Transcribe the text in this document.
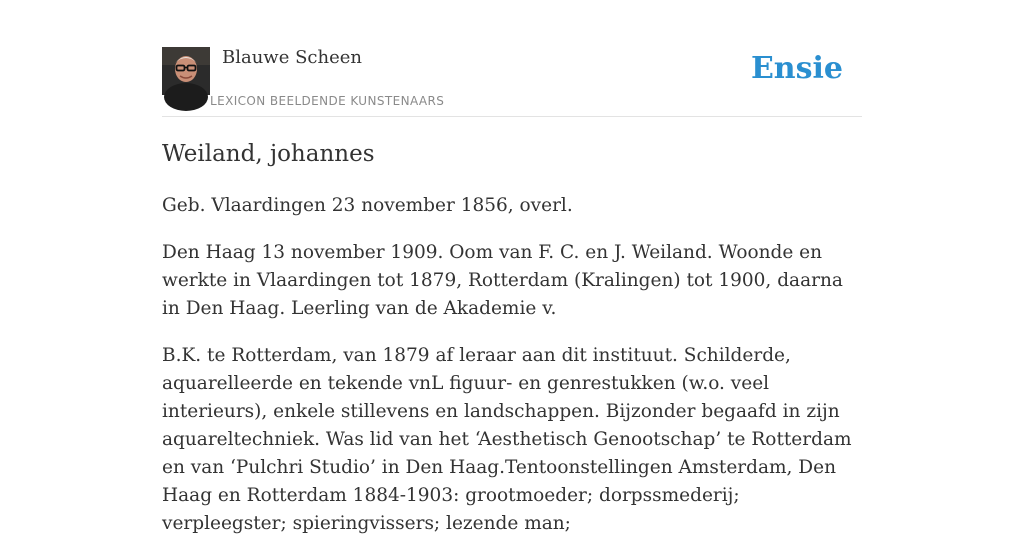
Blauwe Scheen
LEXICON BEELDENDE KUNSTENAARS
Ensie
Weiland, johannes

Geb. Vlaardingen 23 november 1856, overl.

Den Haag 13 november 1909. Oom van F. C. en J. Weiland. Woonde en werkte in Vlaardingen tot 1879, Rotterdam (Kralingen) tot 1900, daarna in Den Haag. Leerling van de Akademie v.

B.K. te Rotterdam, van 1879 af leraar aan dit instituut. Schilderde, aquarelleerde en tekende vnL figuur- en genrestukken (w.o. veel interieurs), enkele stillevens en landschappen. Bijzonder begaafd in zijn aquareltechniek. Was lid van het ‘Aesthetisch Genootschap’ te Rotterdam en van ‘Pulchri Studio’ in Den Haag.Tentoonstellingen Amsterdam, Den Haag en Rotterdam 1884-1903: grootmoeder; dorpssmederij; verpleegster; spieringvissers; lezende man;
